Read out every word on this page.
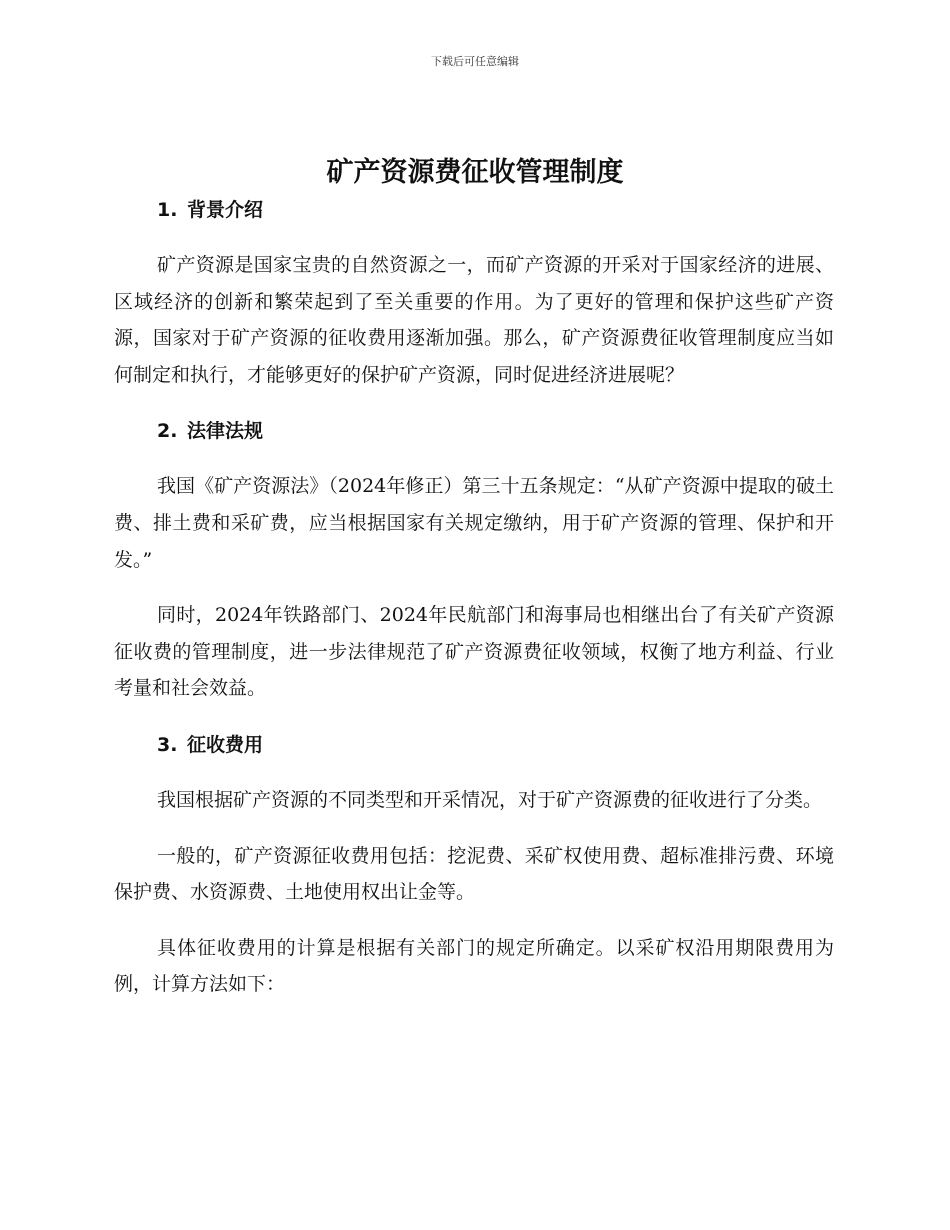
下载后可任意编辑
矿产资源费征收管理制度
1. 背景介绍

矿产资源是国家宝贵的自然资源之一，而矿产资源的开采对于国家经济的进展、区域经济的创新和繁荣起到了至关重要的作用。为了更好的管理和保护这些矿产资源，国家对于矿产资源的征收费用逐渐加强。那么，矿产资源费征收管理制度应当如何制定和执行，才能够更好的保护矿产资源，同时促进经济进展呢？

2. 法律法规

我国《矿产资源法》（2024年修正）第三十五条规定：“从矿产资源中提取的破土费、排土费和采矿费，应当根据国家有关规定缴纳，用于矿产资源的管理、保护和开发。”

同时，2024年铁路部门、2024年民航部门和海事局也相继出台了有关矿产资源征收费的管理制度，进一步法律规范了矿产资源费征收领域，权衡了地方利益、行业考量和社会效益。

3. 征收费用

我国根据矿产资源的不同类型和开采情况，对于矿产资源费的征收进行了分类。

一般的，矿产资源征收费用包括：挖泥费、采矿权使用费、超标准排污费、环境保护费、水资源费、土地使用权出让金等。

具体征收费用的计算是根据有关部门的规定所确定。以采矿权沿用期限费用为例，计算方法如下：
